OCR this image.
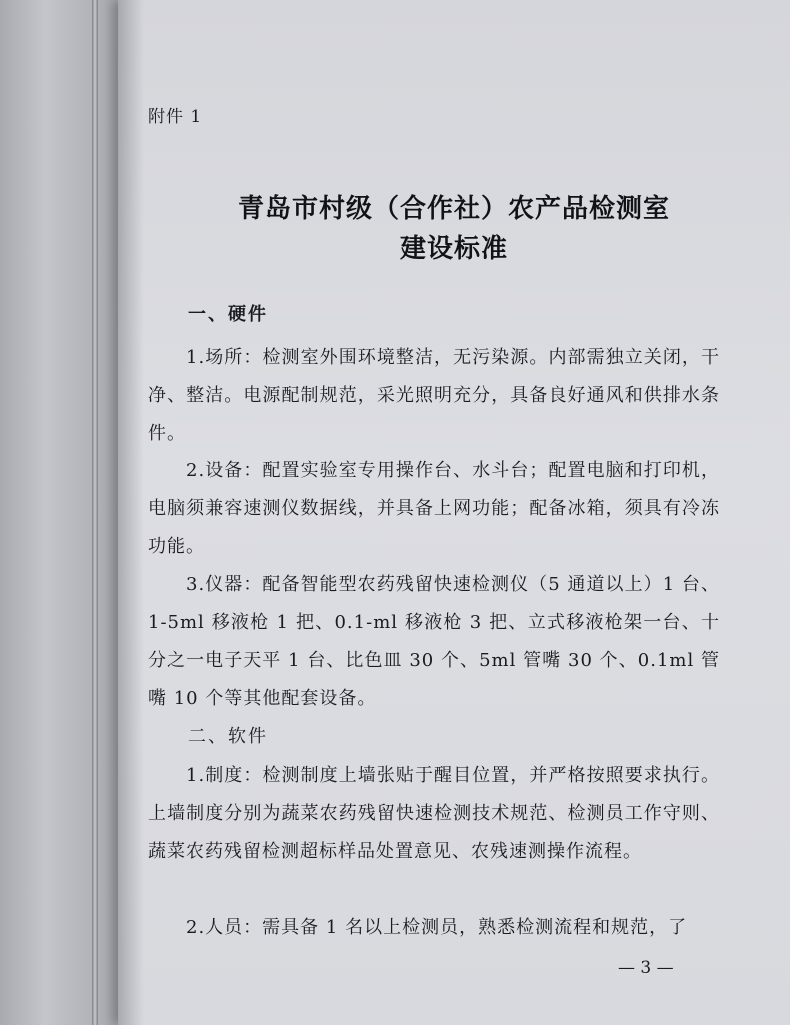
附件 1
青岛市村级（合作社）农产品检测室
建设标准
一、硬件
1.场所：检测室外围环境整洁，无污染源。内部需独立关闭，干净、整洁。电源配制规范，采光照明充分，具备良好通风和供排水条件。
2.设备：配置实验室专用操作台、水斗台；配置电脑和打印机，电脑须兼容速测仪数据线，并具备上网功能；配备冰箱，须具有冷冻功能。
3.仪器：配备智能型农药残留快速检测仪（5 通道以上）1 台、1-5ml 移液枪 1 把、0.1-ml 移液枪 3 把、立式移液枪架一台、十分之一电子天平 1 台、比色皿 30 个、5ml 管嘴 30 个、0.1ml 管嘴 10 个等其他配套设备。
二、软件
1.制度：检测制度上墙张贴于醒目位置，并严格按照要求执行。上墙制度分别为蔬菜农药残留快速检测技术规范、检测员工作守则、蔬菜农药残留检测超标样品处置意见、农残速测操作流程。
2.人员：需具备 1 名以上检测员，熟悉检测流程和规范，了
— 3 —
